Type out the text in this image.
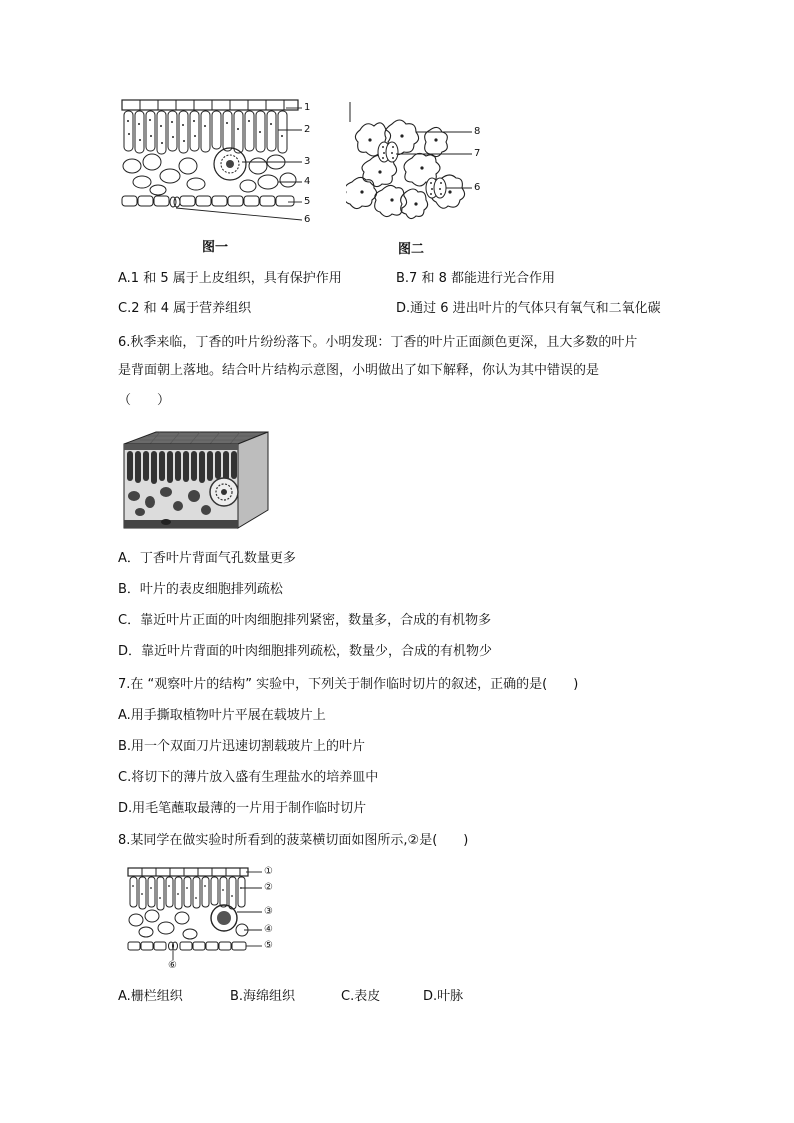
1
2
3
4
5
6
图一
8
7
6
图二
A.1 和 5 属于上皮组织，具有保护作用	B.7 和 8 都能进行光合作用
C.2 和 4 属于营养组织	D.通过 6 进出叶片的气体只有氧气和二氧化碳
6.秋季来临，丁香的叶片纷纷落下。小明发现：丁香的叶片正面颜色更深，且大多数的叶片
是背面朝上落地。结合叶片结构示意图，小明做出了如下解释，你认为其中错误的是
（　　）
A．丁香叶片背面气孔数量更多
B．叶片的表皮细胞排列疏松
C．靠近叶片正面的叶肉细胞排列紧密，数量多，合成的有机物多
D．靠近叶片背面的叶肉细胞排列疏松，数量少，合成的有机物少
7.在 “观察叶片的结构” 实验中，下列关于制作临时切片的叙述，正确的是(　　)
A.用手撕取植物叶片平展在载坡片上
B.用一个双面刀片迅速切割载玻片上的叶片
C.将切下的薄片放入盛有生理盐水的培养皿中
D.用毛笔蘸取最薄的一片用于制作临时切片
8.某同学在做实验时所看到的菠菜横切面如图所示,②是(　　)
①
②
③
④
⑤
⑥
A.栅栏组织	B.海绵组织	C.表皮	D.叶脉
